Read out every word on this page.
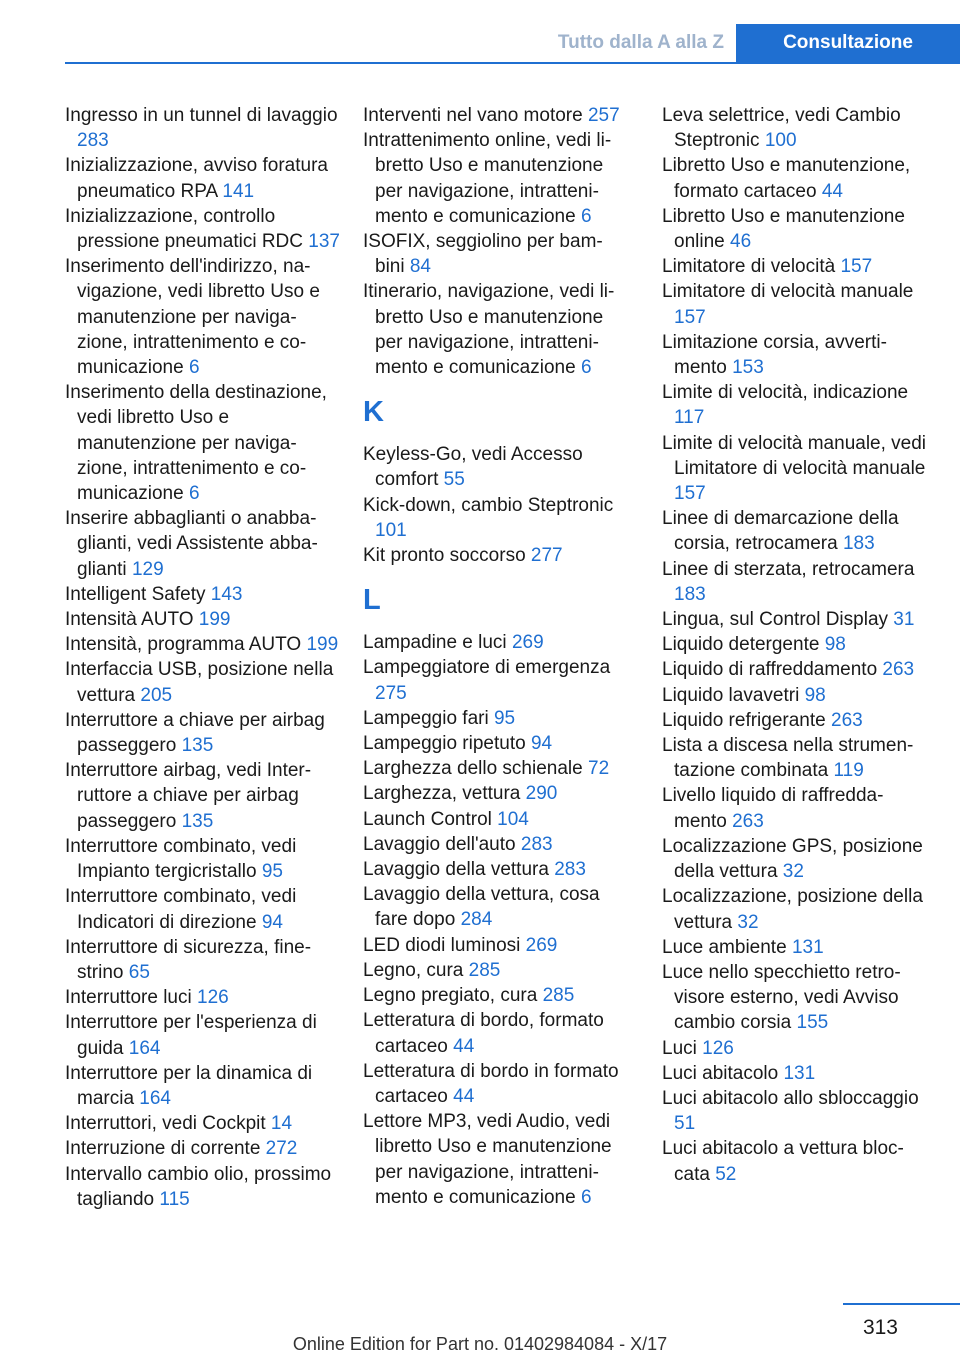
Tutto dalla A alla Z	Consultazione
Ingresso in un tunnel di lavaggio 283
Inizializzazione, avviso foratura pneumatico RPA 141
Inizializzazione, controllo pressione pneumatici RDC 137
Inserimento dell'indirizzo, navigazione, vedi libretto Uso e manutenzione per navigazione, intrattenimento e comunicazione 6
Inserimento della destinazione, vedi libretto Uso e manutenzione per navigazione, intrattenimento e comunicazione 6
Inserire abbaglianti o anabbaglianti, vedi Assistente abbaglianti 129
Intelligent Safety 143
Intensità AUTO 199
Intensità, programma AUTO 199
Interfaccia USB, posizione nella vettura 205
Interruttore a chiave per airbag passeggero 135
Interruttore airbag, vedi Interruttore a chiave per airbag passeggero 135
Interruttore combinato, vedi Impianto tergicristallo 95
Interruttore combinato, vedi Indicatori di direzione 94
Interruttore di sicurezza, finestrino 65
Interruttore luci 126
Interruttore per l'esperienza di guida 164
Interruttore per la dinamica di marcia 164
Interruttori, vedi Cockpit 14
Interruzione di corrente 272
Intervallo cambio olio, prossimo tagliando 115
Interventi nel vano motore 257
Intrattenimento online, vedi libretto Uso e manutenzione per navigazione, intrattenimento e comunicazione 6
ISOFIX, seggiolino per bambini 84
Itinerario, navigazione, vedi libretto Uso e manutenzione per navigazione, intrattenimento e comunicazione 6
K
Keyless-Go, vedi Accesso comfort 55
Kick-down, cambio Steptronic 101
Kit pronto soccorso 277
L
Lampadine e luci 269
Lampeggiatore di emergenza 275
Lampeggio fari 95
Lampeggio ripetuto 94
Larghezza dello schienale 72
Larghezza, vettura 290
Launch Control 104
Lavaggio dell'auto 283
Lavaggio della vettura 283
Lavaggio della vettura, cosa fare dopo 284
LED diodi luminosi 269
Legno, cura 285
Legno pregiato, cura 285
Letteratura di bordo, formato cartaceo 44
Letteratura di bordo in formato cartaceo 44
Lettore MP3, vedi Audio, vedi libretto Uso e manutenzione per navigazione, intrattenimento e comunicazione 6
Leva selettrice, vedi Cambio Steptronic 100
Libretto Uso e manutenzione, formato cartaceo 44
Libretto Uso e manutenzione online 46
Limitatore di velocità 157
Limitatore di velocità manuale 157
Limitazione corsia, avvertimento 153
Limite di velocità, indicazione 117
Limite di velocità manuale, vedi Limitatore di velocità manuale 157
Linee di demarcazione della corsia, retrocamera 183
Linee di sterzata, retrocamera 183
Lingua, sul Control Display 31
Liquido detergente 98
Liquido di raffreddamento 263
Liquido lavavetri 98
Liquido refrigerante 263
Lista a discesa nella strumentazione combinata 119
Livello liquido di raffreddamento 263
Localizzazione GPS, posizione della vettura 32
Localizzazione, posizione della vettura 32
Luce ambiente 131
Luce nello specchietto retrovisore esterno, vedi Avviso cambio corsia 155
Luci 126
Luci abitacolo 131
Luci abitacolo allo sbloccaggio 51
Luci abitacolo a vettura bloccata 52
313
Online Edition for Part no. 01402984084 - X/17
